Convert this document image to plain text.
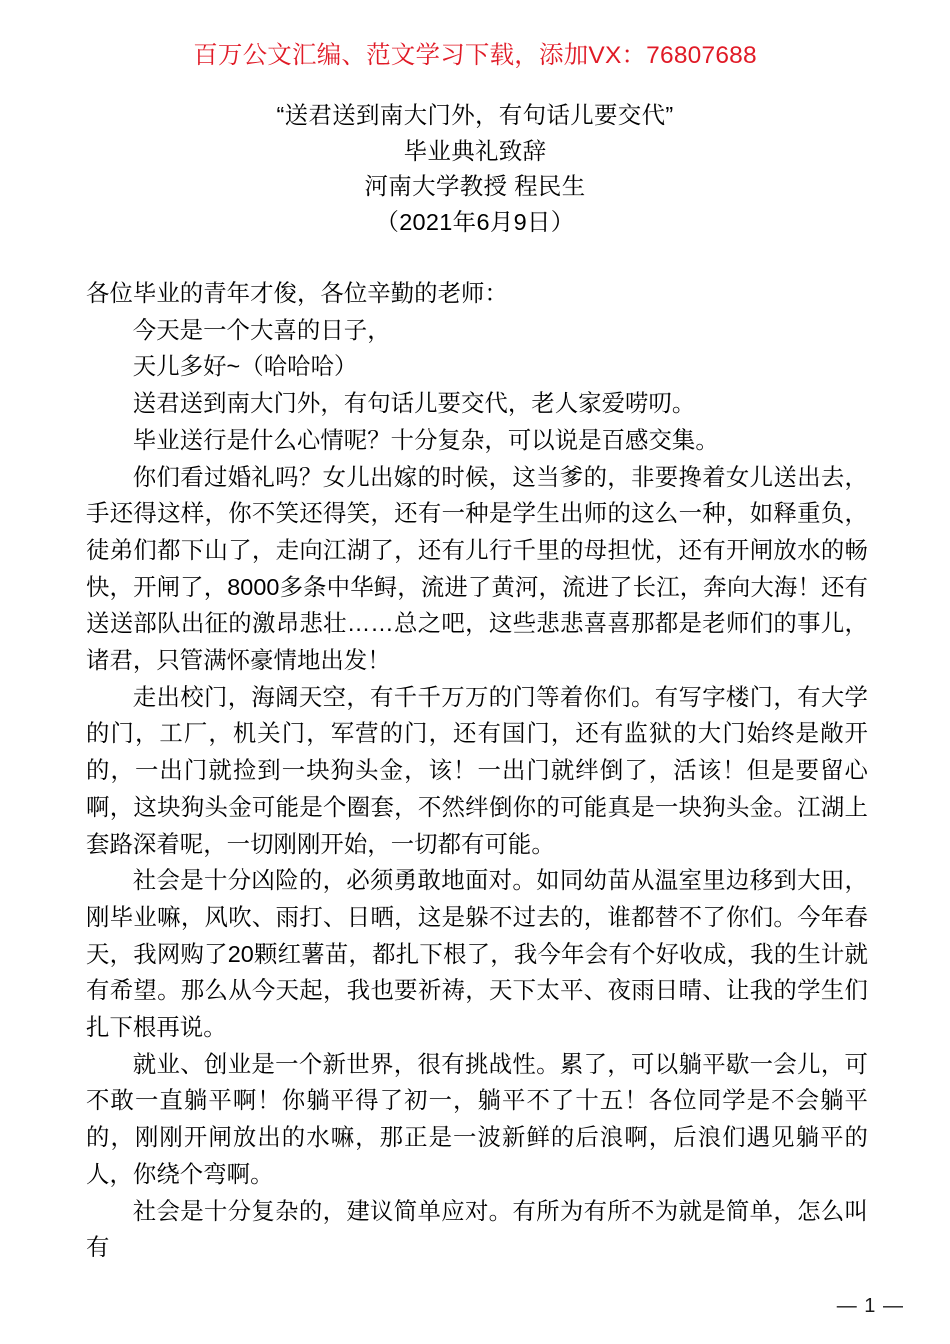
百万公文汇编、范文学习下载，添加VX：76807688
“送君送到南大门外，有句话儿要交代”
毕业典礼致辞
河南大学教授 程民生
（2021年6月9日）

各位毕业的青年才俊，各位辛勤的老师：

今天是一个大喜的日子，

天儿多好~（哈哈哈）

送君送到南大门外，有句话儿要交代，老人家爱唠叨。

毕业送行是什么心情呢？十分复杂，可以说是百感交集。

你们看过婚礼吗？女儿出嫁的时候，这当爹的，非要搀着女儿送出去，手还得这样，你不笑还得笑，还有一种是学生出师的这么一种，如释重负，徒弟们都下山了，走向江湖了，还有儿行千里的母担忧，还有开闸放水的畅快，开闸了，8000多条中华鲟，流进了黄河，流进了长江，奔向大海！还有送送部队出征的激昂悲壮……总之吧，这些悲悲喜喜那都是老师们的事儿，诸君，只管满怀豪情地出发！

走出校门，海阔天空，有千千万万的门等着你们。有写字楼门，有大学的门，工厂，机关门，军营的门，还有国门，还有监狱的大门始终是敞开的，一出门就捡到一块狗头金，该！一出门就绊倒了，活该！但是要留心啊，这块狗头金可能是个圈套，不然绊倒你的可能真是一块狗头金。江湖上套路深着呢，一切刚刚开始，一切都有可能。

社会是十分凶险的，必须勇敢地面对。如同幼苗从温室里边移到大田，刚毕业嘛，风吹、雨打、日晒，这是躲不过去的，谁都替不了你们。今年春天，我网购了20颗红薯苗，都扎下根了，我今年会有个好收成，我的生计就有希望。那么从今天起，我也要祈祷，天下太平、夜雨日晴、让我的学生们扎下根再说。

就业、创业是一个新世界，很有挑战性。累了，可以躺平歇一会儿，可不敢一直躺平啊！你躺平得了初一，躺平不了十五！各位同学是不会躺平的，刚刚开闸放出的水嘛，那正是一波新鲜的后浪啊，后浪们遇见躺平的人，你绕个弯啊。

社会是十分复杂的，建议简单应对。有所为有所不为就是简单，怎么叫有

— 1 —
